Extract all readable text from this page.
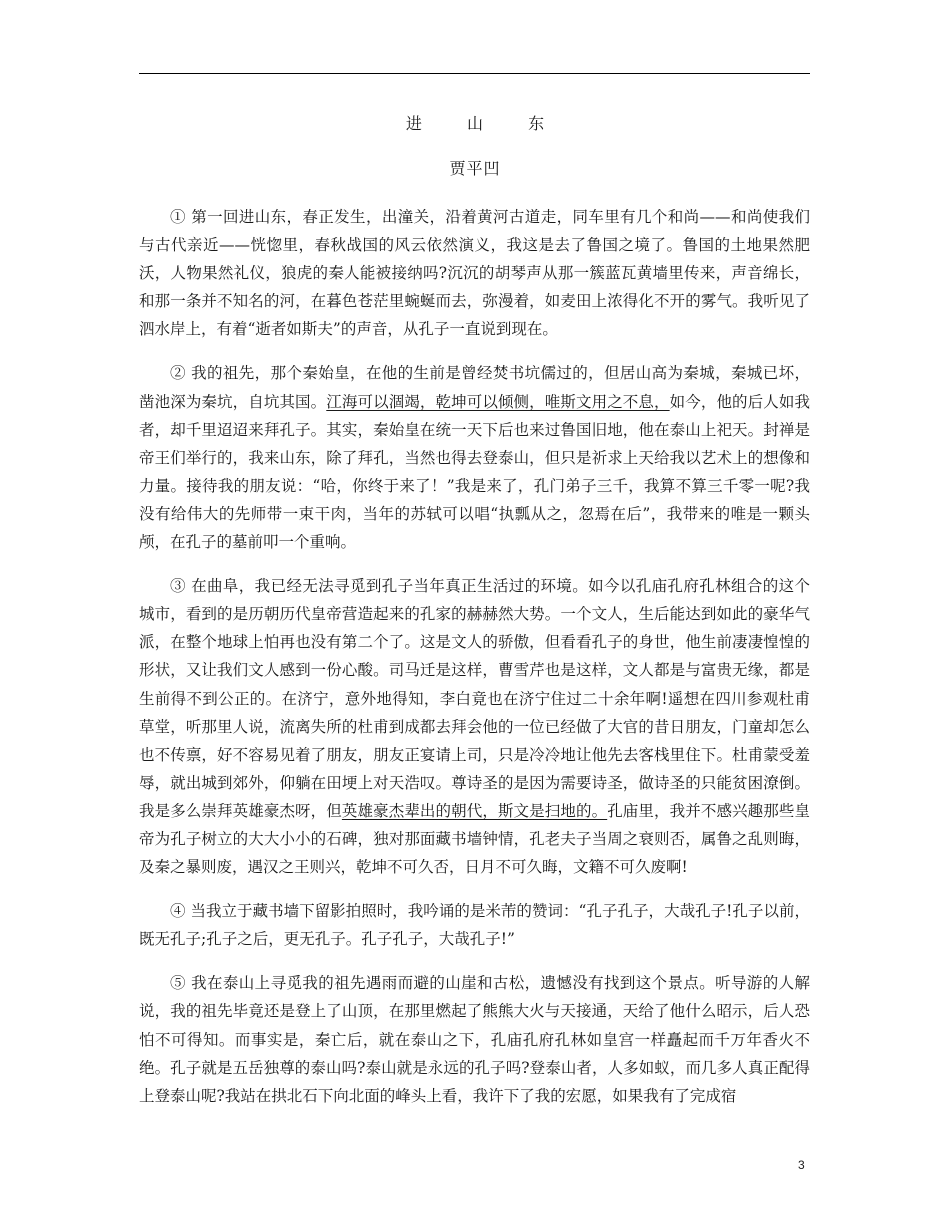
进 山 东
贾平凹

① 第一回进山东，春正发生，出潼关，沿着黄河古道走，同车里有几个和尚——和尚使我们与古代亲近——恍惚里，春秋战国的风云依然演义，我这是去了鲁国之境了。鲁国的土地果然肥沃，人物果然礼仪，狼虎的秦人能被接纳吗?沉沉的胡琴声从那一簇蓝瓦黄墙里传来，声音绵长，和那一条并不知名的河，在暮色苍茫里蜿蜒而去，弥漫着，如麦田上浓得化不开的雾气。我听见了泗水岸上，有着“逝者如斯夫”的声音，从孔子一直说到现在。

② 我的祖先，那个秦始皇，在他的生前是曾经焚书坑儒过的，但居山高为秦城，秦城已坏，凿池深为秦坑，自坑其国。江海可以涸竭，乾坤可以倾侧，唯斯文用之不息，如今，他的后人如我者，却千里迢迢来拜孔子。其实，秦始皇在统一天下后也来过鲁国旧地，他在泰山上祀天。封禅是帝王们举行的，我来山东，除了拜孔，当然也得去登泰山，但只是祈求上天给我以艺术上的想像和力量。接待我的朋友说：“哈，你终于来了！”我是来了，孔门弟子三千，我算不算三千零一呢?我没有给伟大的先师带一束干肉，当年的苏轼可以唱“执瓢从之，忽焉在后”，我带来的唯是一颗头颅，在孔子的墓前叩一个重响。

③ 在曲阜，我已经无法寻觅到孔子当年真正生活过的环境。如今以孔庙孔府孔林组合的这个城市，看到的是历朝历代皇帝营造起来的孔家的赫赫然大势。一个文人，生后能达到如此的豪华气派，在整个地球上怕再也没有第二个了。这是文人的骄傲，但看看孔子的身世，他生前凄凄惶惶的形状，又让我们文人感到一份心酸。司马迁是这样，曹雪芹也是这样，文人都是与富贵无缘，都是生前得不到公正的。在济宁，意外地得知，李白竟也在济宁住过二十余年啊!遥想在四川参观杜甫草堂，听那里人说，流离失所的杜甫到成都去拜会他的一位已经做了大官的昔日朋友，门童却怎么也不传禀，好不容易见着了朋友，朋友正宴请上司，只是冷冷地让他先去客栈里住下。杜甫蒙受羞辱，就出城到郊外，仰躺在田埂上对天浩叹。尊诗圣的是因为需要诗圣，做诗圣的只能贫困潦倒。我是多么崇拜英雄豪杰呀，但英雄豪杰辈出的朝代，斯文是扫地的。孔庙里，我并不感兴趣那些皇帝为孔子树立的大大小小的石碑，独对那面藏书墙钟情，孔老夫子当周之衰则否，属鲁之乱则晦，及秦之暴则废，遇汉之王则兴，乾坤不可久否，日月不可久晦，文籍不可久废啊!

④ 当我立于藏书墙下留影拍照时，我吟诵的是米芾的赞词：“孔子孔子，大哉孔子!孔子以前，既无孔子;孔子之后，更无孔子。孔子孔子，大哉孔子!”

⑤ 我在泰山上寻觅我的祖先遇雨而避的山崖和古松，遗憾没有找到这个景点。听导游的人解说，我的祖先毕竟还是登上了山顶，在那里燃起了熊熊大火与天接通，天给了他什么昭示，后人恐怕不可得知。而事实是，秦亡后，就在泰山之下，孔庙孔府孔林如皇宫一样矗起而千万年香火不绝。孔子就是五岳独尊的泰山吗?泰山就是永远的孔子吗?登泰山者，人多如蚁，而几多人真正配得上登泰山呢?我站在拱北石下向北面的峰头上看，我许下了我的宏愿，如果我有了完成宿

3
